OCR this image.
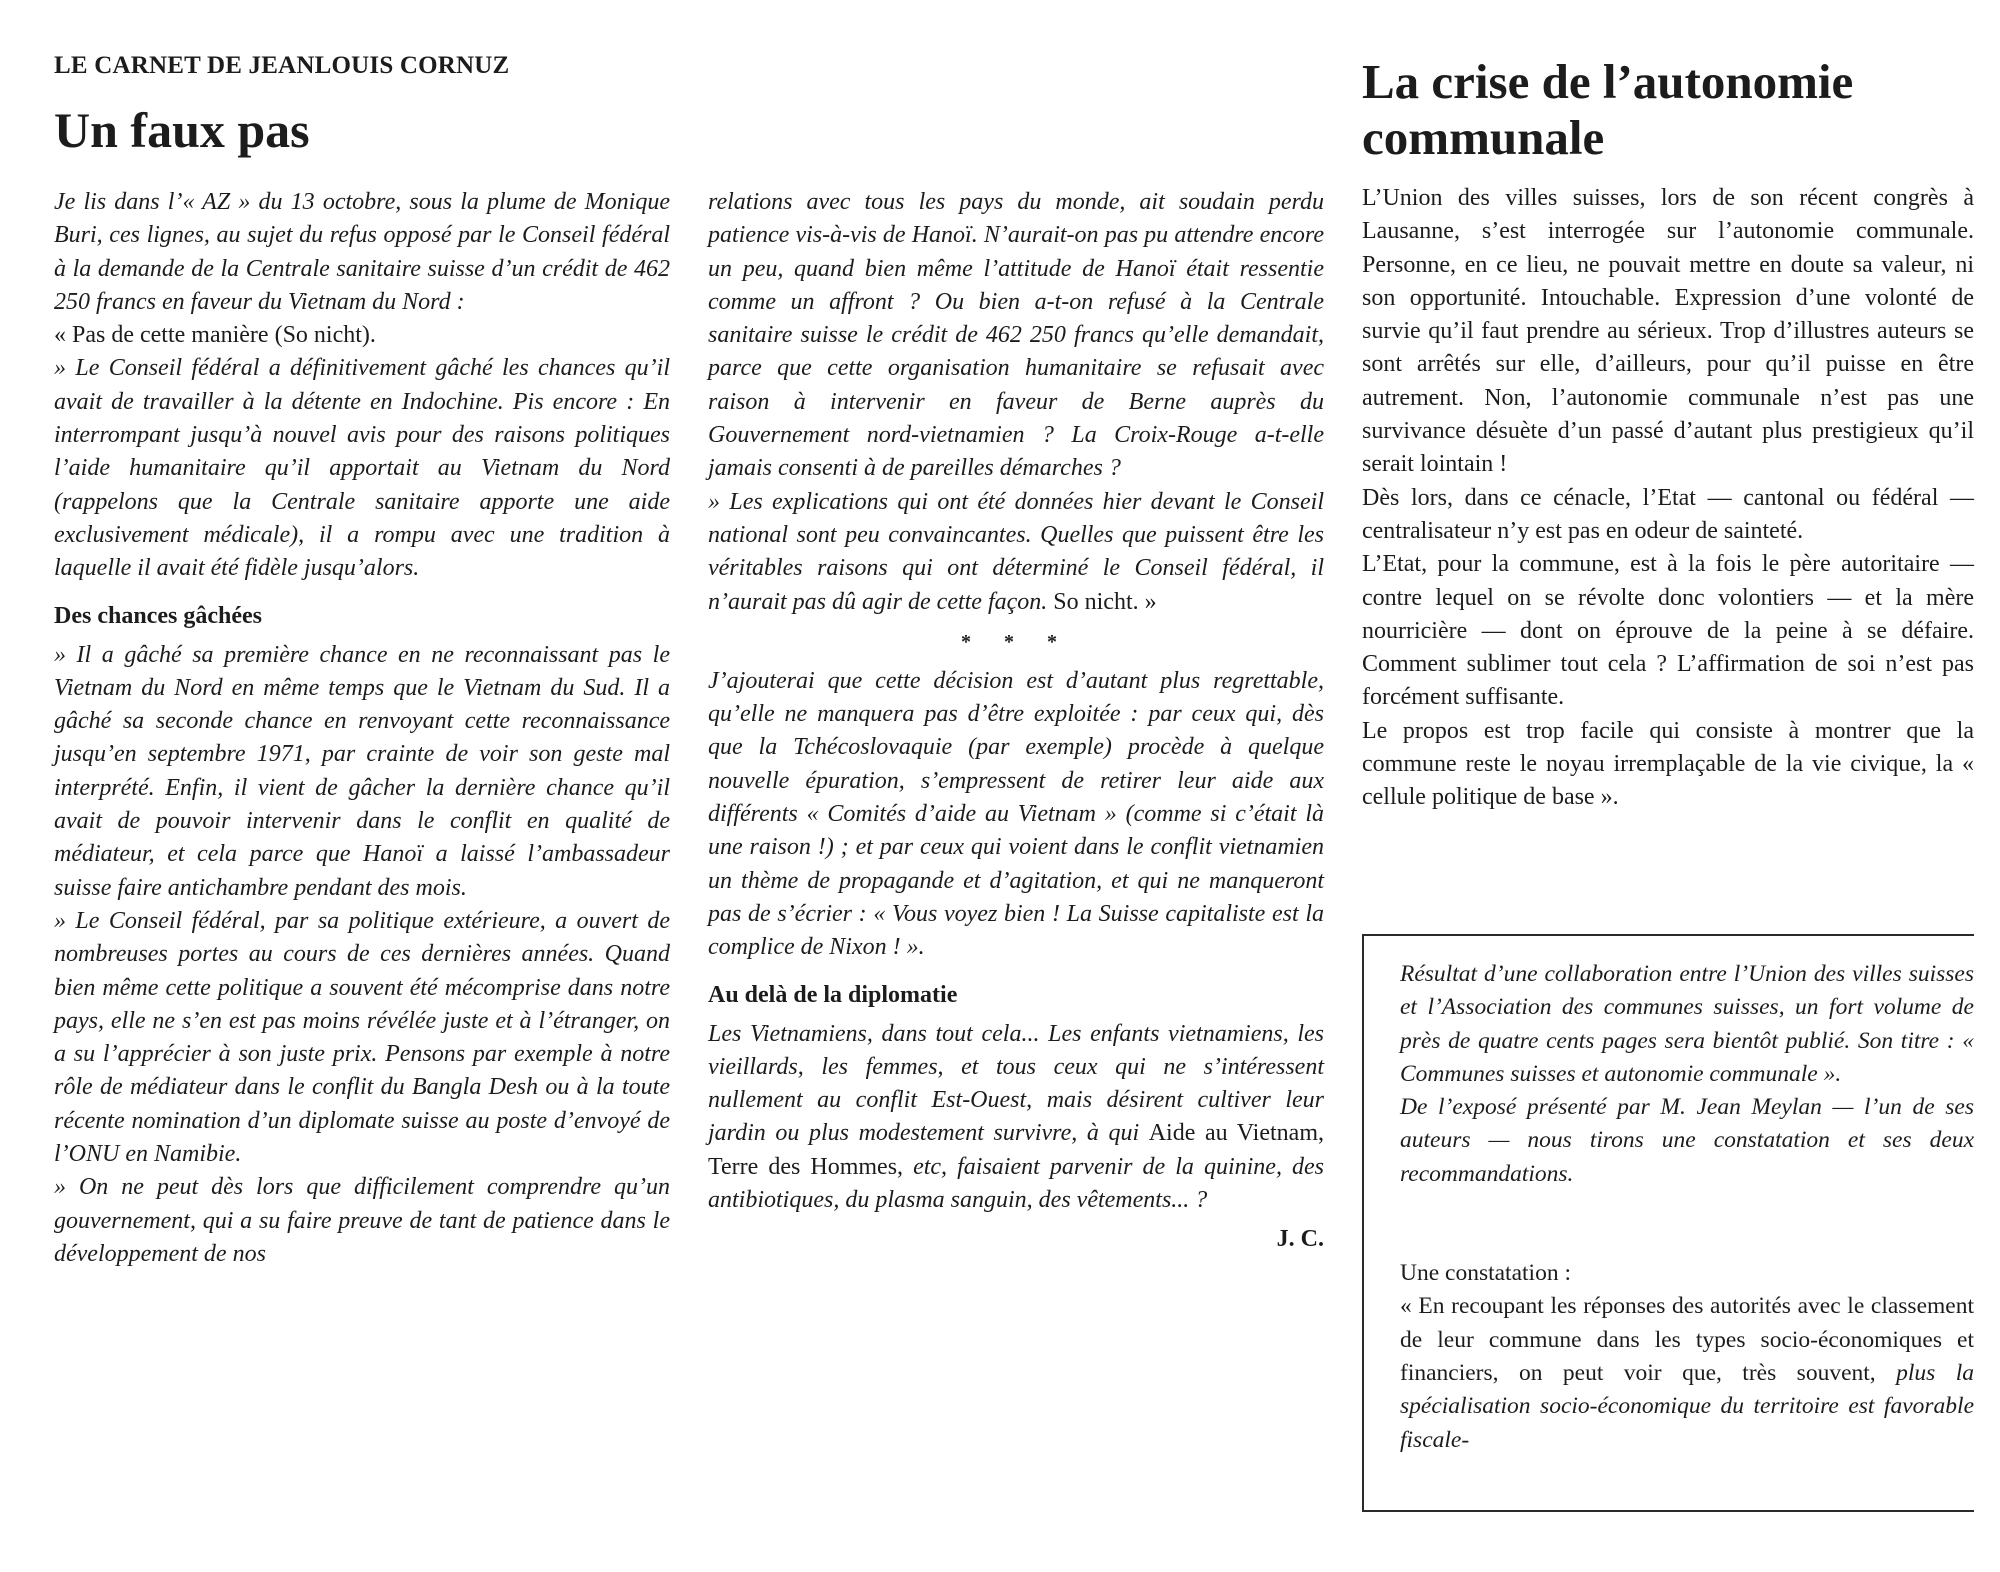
LE CARNET DE JEANLOUIS CORNUZ
Un faux pas

Je lis dans l’« AZ » du 13 octobre, sous la plume de Monique Buri, ces lignes, au sujet du refus opposé par le Conseil fédéral à la demande de la Centrale sanitaire suisse d’un crédit de 462 250 francs en faveur du Vietnam du Nord :

« Pas de cette manière (So nicht).

» Le Conseil fédéral a définitivement gâché les chances qu’il avait de travailler à la détente en Indochine. Pis encore : En interrompant jusqu’à nouvel avis pour des raisons politiques l’aide humanitaire qu’il apportait au Vietnam du Nord (rappelons que la Centrale sanitaire apporte une aide exclusivement médicale), il a rompu avec une tradition à laquelle il avait été fidèle jusqu’alors.

Des chances gâchées

» Il a gâché sa première chance en ne reconnaissant pas le Vietnam du Nord en même temps que le Vietnam du Sud. Il a gâché sa seconde chance en renvoyant cette reconnaissance jusqu’en septembre 1971, par crainte de voir son geste mal interprété. Enfin, il vient de gâcher la dernière chance qu’il avait de pouvoir intervenir dans le conflit en qualité de médiateur, et cela parce que Hanoï a laissé l’ambassadeur suisse faire antichambre pendant des mois.

» Le Conseil fédéral, par sa politique extérieure, a ouvert de nombreuses portes au cours de ces dernières années. Quand bien même cette politique a souvent été mécomprise dans notre pays, elle ne s’en est pas moins révélée juste et à l’étranger, on a su l’apprécier à son juste prix. Pensons par exemple à notre rôle de médiateur dans le conflit du Bangla Desh ou à la toute récente nomination d’un diplomate suisse au poste d’envoyé de l’ONU en Namibie.

» On ne peut dès lors que difficilement comprendre qu’un gouvernement, qui a su faire preuve de tant de patience dans le développement de nos

relations avec tous les pays du monde, ait soudain perdu patience vis-à-vis de Hanoï. N’aurait-on pas pu attendre encore un peu, quand bien même l’attitude de Hanoï était ressentie comme un affront ? Ou bien a-t-on refusé à la Centrale sanitaire suisse le crédit de 462 250 francs qu’elle demandait, parce que cette organisation humanitaire se refusait avec raison à intervenir en faveur de Berne auprès du Gouvernement nord-vietnamien ? La Croix-Rouge a-t-elle jamais consenti à de pareilles démarches ?

» Les explications qui ont été données hier devant le Conseil national sont peu convaincantes. Quelles que puissent être les véritables raisons qui ont déterminé le Conseil fédéral, il n’aurait pas dû agir de cette façon. So nicht. »

* * *

J’ajouterai que cette décision est d’autant plus regrettable, qu’elle ne manquera pas d’être exploitée : par ceux qui, dès que la Tchécoslovaquie (par exemple) procède à quelque nouvelle épuration, s’empressent de retirer leur aide aux différents « Comités d’aide au Vietnam » (comme si c’était là une raison !) ; et par ceux qui voient dans le conflit vietnamien un thème de propagande et d’agitation, et qui ne manqueront pas de s’écrier : « Vous voyez bien ! La Suisse capitaliste est la complice de Nixon ! ».

Au delà de la diplomatie

Les Vietnamiens, dans tout cela... Les enfants vietnamiens, les vieillards, les femmes, et tous ceux qui ne s’intéressent nullement au conflit Est-Ouest, mais désirent cultiver leur jardin ou plus modestement survivre, à qui Aide au Vietnam, Terre des Hommes, etc, faisaient parvenir de la quinine, des antibiotiques, du plasma sanguin, des vêtements... ?

J. C.
La crise de l’autonomie communale

L’Union des villes suisses, lors de son récent congrès à Lausanne, s’est interrogée sur l’autonomie communale. Personne, en ce lieu, ne pouvait mettre en doute sa valeur, ni son opportunité. Intouchable. Expression d’une volonté de survie qu’il faut prendre au sérieux. Trop d’illustres auteurs se sont arrêtés sur elle, d’ailleurs, pour qu’il puisse en être autrement. Non, l’autonomie communale n’est pas une survivance désuète d’un passé d’autant plus prestigieux qu’il serait lointain !

Dès lors, dans ce cénacle, l’Etat — cantonal ou fédéral — centralisateur n’y est pas en odeur de sainteté.

L’Etat, pour la commune, est à la fois le père autoritaire — contre lequel on se révolte donc volontiers — et la mère nourricière — dont on éprouve de la peine à se défaire. Comment sublimer tout cela ? L’affirmation de soi n’est pas forcément suffisante.

Le propos est trop facile qui consiste à montrer que la commune reste le noyau irremplaçable de la vie civique, la « cellule politique de base ».

Résultat d’une collaboration entre l’Union des villes suisses et l’Association des communes suisses, un fort volume de près de quatre cents pages sera bientôt publié. Son titre : « Communes suisses et autonomie communale ».

De l’exposé présenté par M. Jean Meylan — l’un de ses auteurs — nous tirons une constatation et ses deux recommandations.

Une constatation :

« En recoupant les réponses des autorités avec le classement de leur commune dans les types socio-économiques et financiers, on peut voir que, très souvent, plus la spécialisation socio-économique du territoire est favorable fiscale-
